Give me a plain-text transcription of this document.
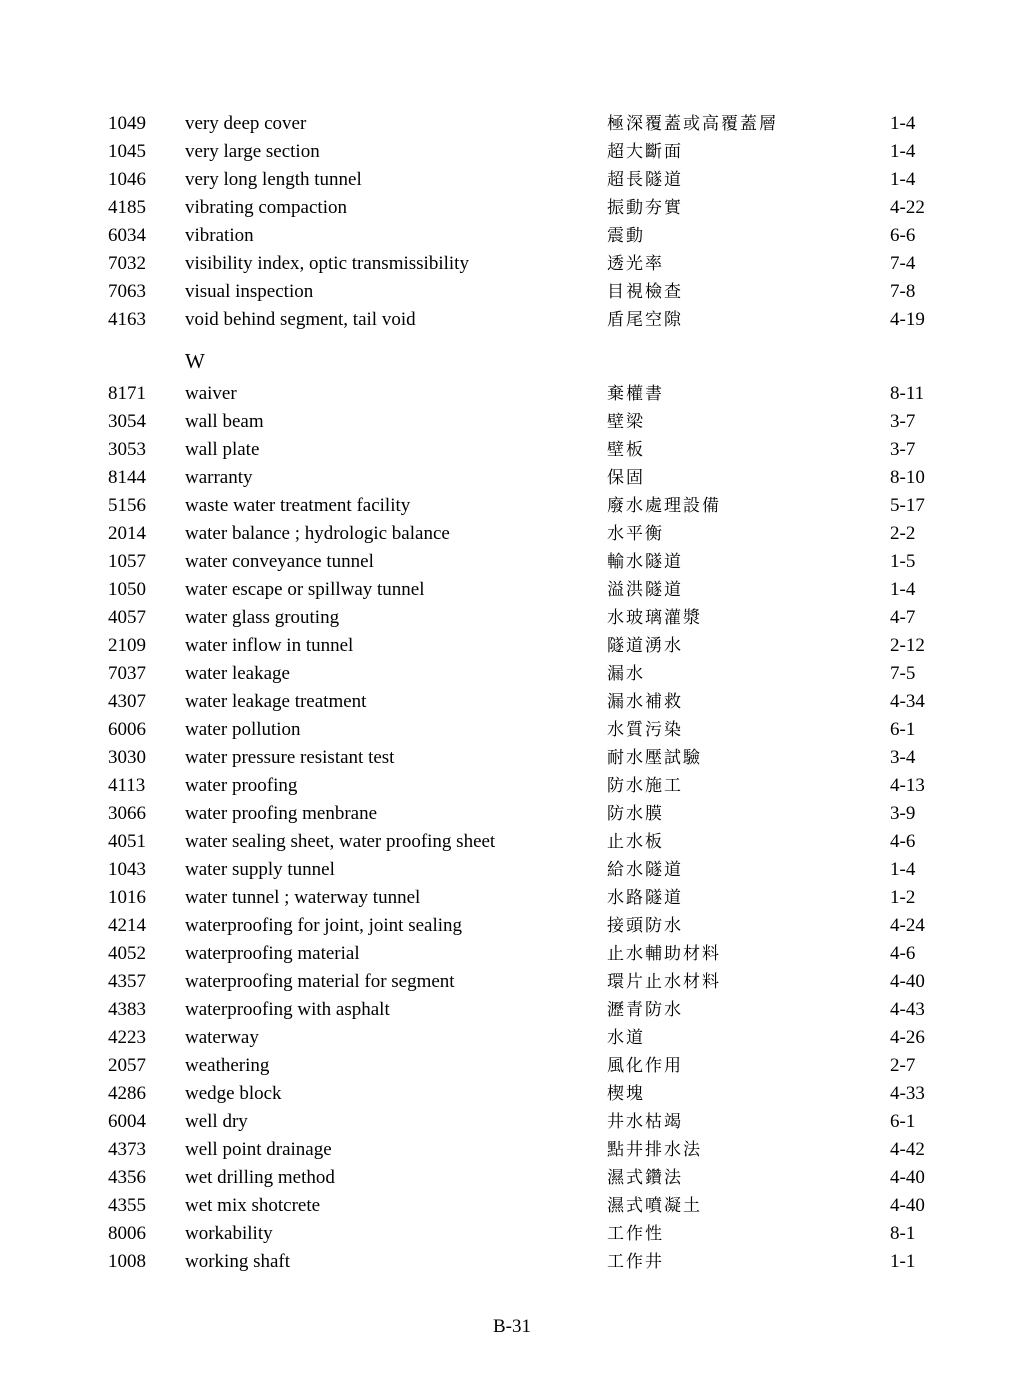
1049 very deep cover	極深覆蓋或高覆蓋層	1-4
1045 very large section	超大斷面	1-4
1046 very long length tunnel	超長隧道	1-4
4185 vibrating compaction	振動夯實	4-22
6034 vibration	震動	6-6
7032 visibility index, optic transmissibility	透光率	7-4
7063 visual inspection	目視檢查	7-8
4163 void behind segment, tail void	盾尾空隙	4-19
W
8171 waiver	棄權書	8-11
3054 wall beam	壁梁	3-7
3053 wall plate	壁板	3-7
8144 warranty	保固	8-10
5156 waste water treatment facility	廢水處理設備	5-17
2014 water balance ; hydrologic balance	水平衡	2-2
1057 water conveyance tunnel	輸水隧道	1-5
1050 water escape or spillway tunnel	溢洪隧道	1-4
4057 water glass grouting	水玻璃灌漿	4-7
2109 water inflow in tunnel	隧道湧水	2-12
7037 water leakage	漏水	7-5
4307 water leakage treatment	漏水補救	4-34
6006 water pollution	水質污染	6-1
3030 water pressure resistant test	耐水壓試驗	3-4
4113 water proofing	防水施工	4-13
3066 water proofing menbrane	防水膜	3-9
4051 water sealing sheet, water proofing sheet	止水板	4-6
1043 water supply tunnel	給水隧道	1-4
1016 water tunnel ; waterway tunnel	水路隧道	1-2
4214 waterproofing for joint, joint sealing	接頭防水	4-24
4052 waterproofing material	止水輔助材料	4-6
4357 waterproofing material for segment	環片止水材料	4-40
4383 waterproofing with asphalt	瀝青防水	4-43
4223 waterway	水道	4-26
2057 weathering	風化作用	2-7
4286 wedge block	楔塊	4-33
6004 well dry	井水枯竭	6-1
4373 well point drainage	點井排水法	4-42
4356 wet drilling method	濕式鑽法	4-40
4355 wet mix shotcrete	濕式噴凝土	4-40
8006 workability	工作性	8-1
1008 working shaft	工作井	1-1
B-31
